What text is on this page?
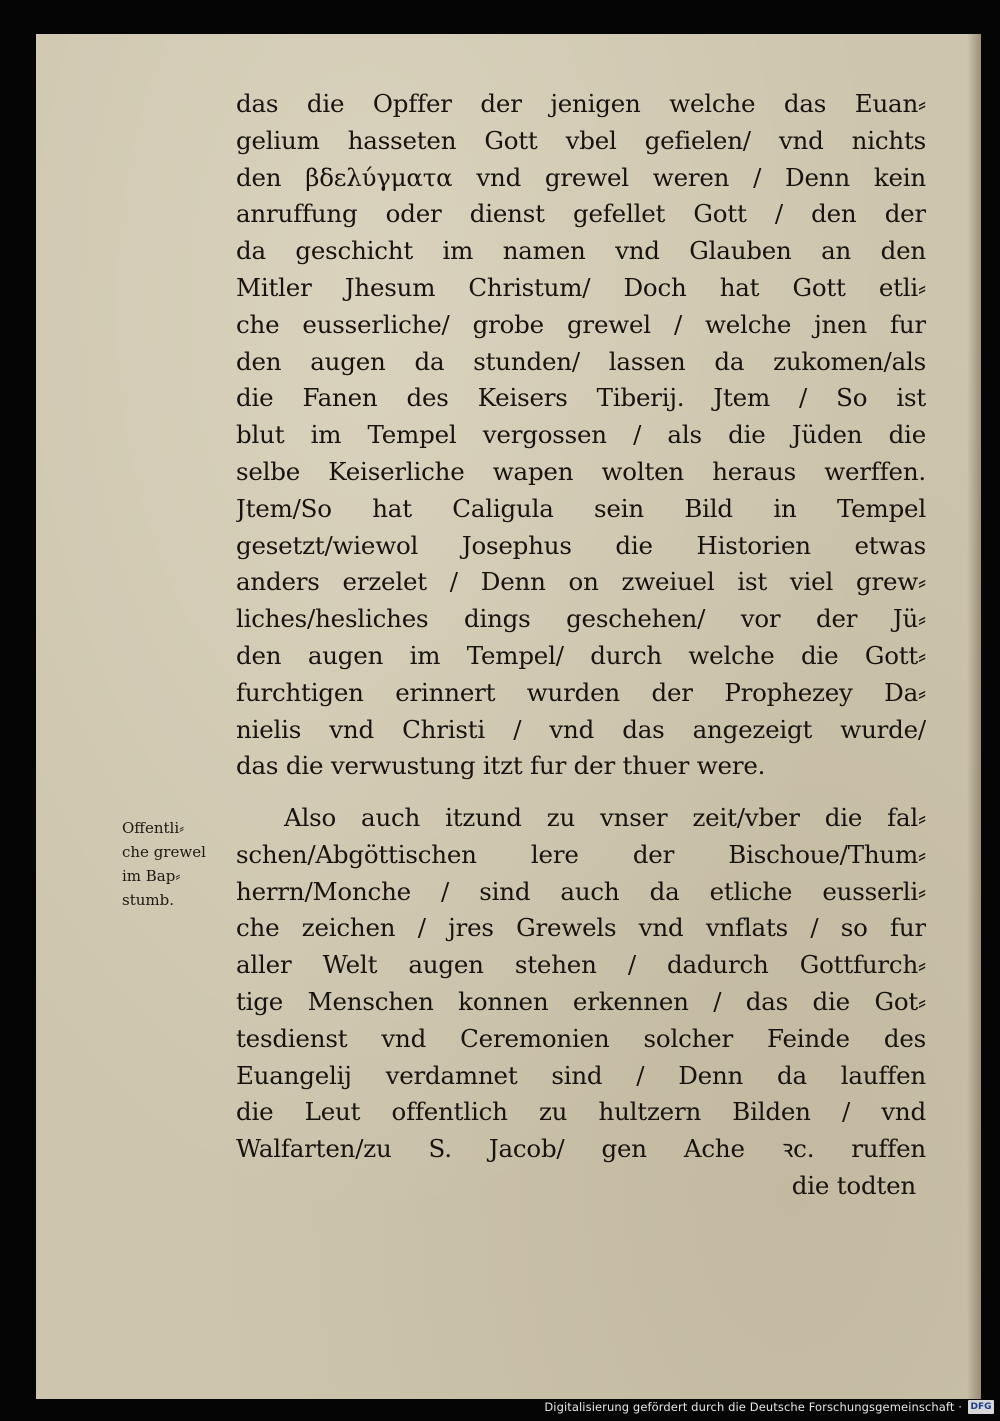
das die Opffer der jenigen welche das Euan⸗
gelium hasseten Gott vbel gefielen/ vnd nichts
den βδελύγματα vnd grewel weren / Denn kein
anruffung oder dienst gefellet Gott / den der
da geschicht im namen vnd Glauben an den
Mitler Jhesum Christum/ Doch hat Gott etli⸗
che eusserliche/ grobe grewel / welche jnen fur
den augen da stunden/ lassen da zukomen/als
die Fanen des Keisers Tiberij. Jtem / So ist
blut im Tempel vergossen / als die Jüden die
selbe Keiserliche wapen wolten heraus werffen.
Jtem/So hat Caligula sein Bild in Tempel
gesetzt/wiewol Josephus die Historien etwas
anders erzelet / Denn on zweiuel ist viel grew⸗
liches/hesliches dings geschehen/ vor der Jü⸗
den augen im Tempel/ durch welche die Gott⸗
furchtigen erinnert wurden der Prophezey Da⸗
nielis vnd Christi / vnd das angezeigt wurde/
das die verwustung itzt fur der thuer were.
Also auch itzund zu vnser zeit/vber die fal⸗
schen/Abgöttischen lere der Bischoue/Thum⸗
herrn/Monche / sind auch da etliche eusserli⸗
che zeichen / jres Grewels vnd vnflats / so fur
aller Welt augen stehen / dadurch Gottfurch⸗
tige Menschen konnen erkennen / das die Got⸗
tesdienst vnd Ceremonien solcher Feinde des
Euangelij verdamnet sind / Denn da lauffen
die Leut offentlich zu hultzern Bilden / vnd
Walfarten/zu S. Jacob/ gen Ache ꝛc. ruffen
die todten
Offentli⸗
che grewel
im Bap⸗
stumb.
Digitalisierung gefördert durch die Deutsche Forschungsgemeinschaft · DFG
